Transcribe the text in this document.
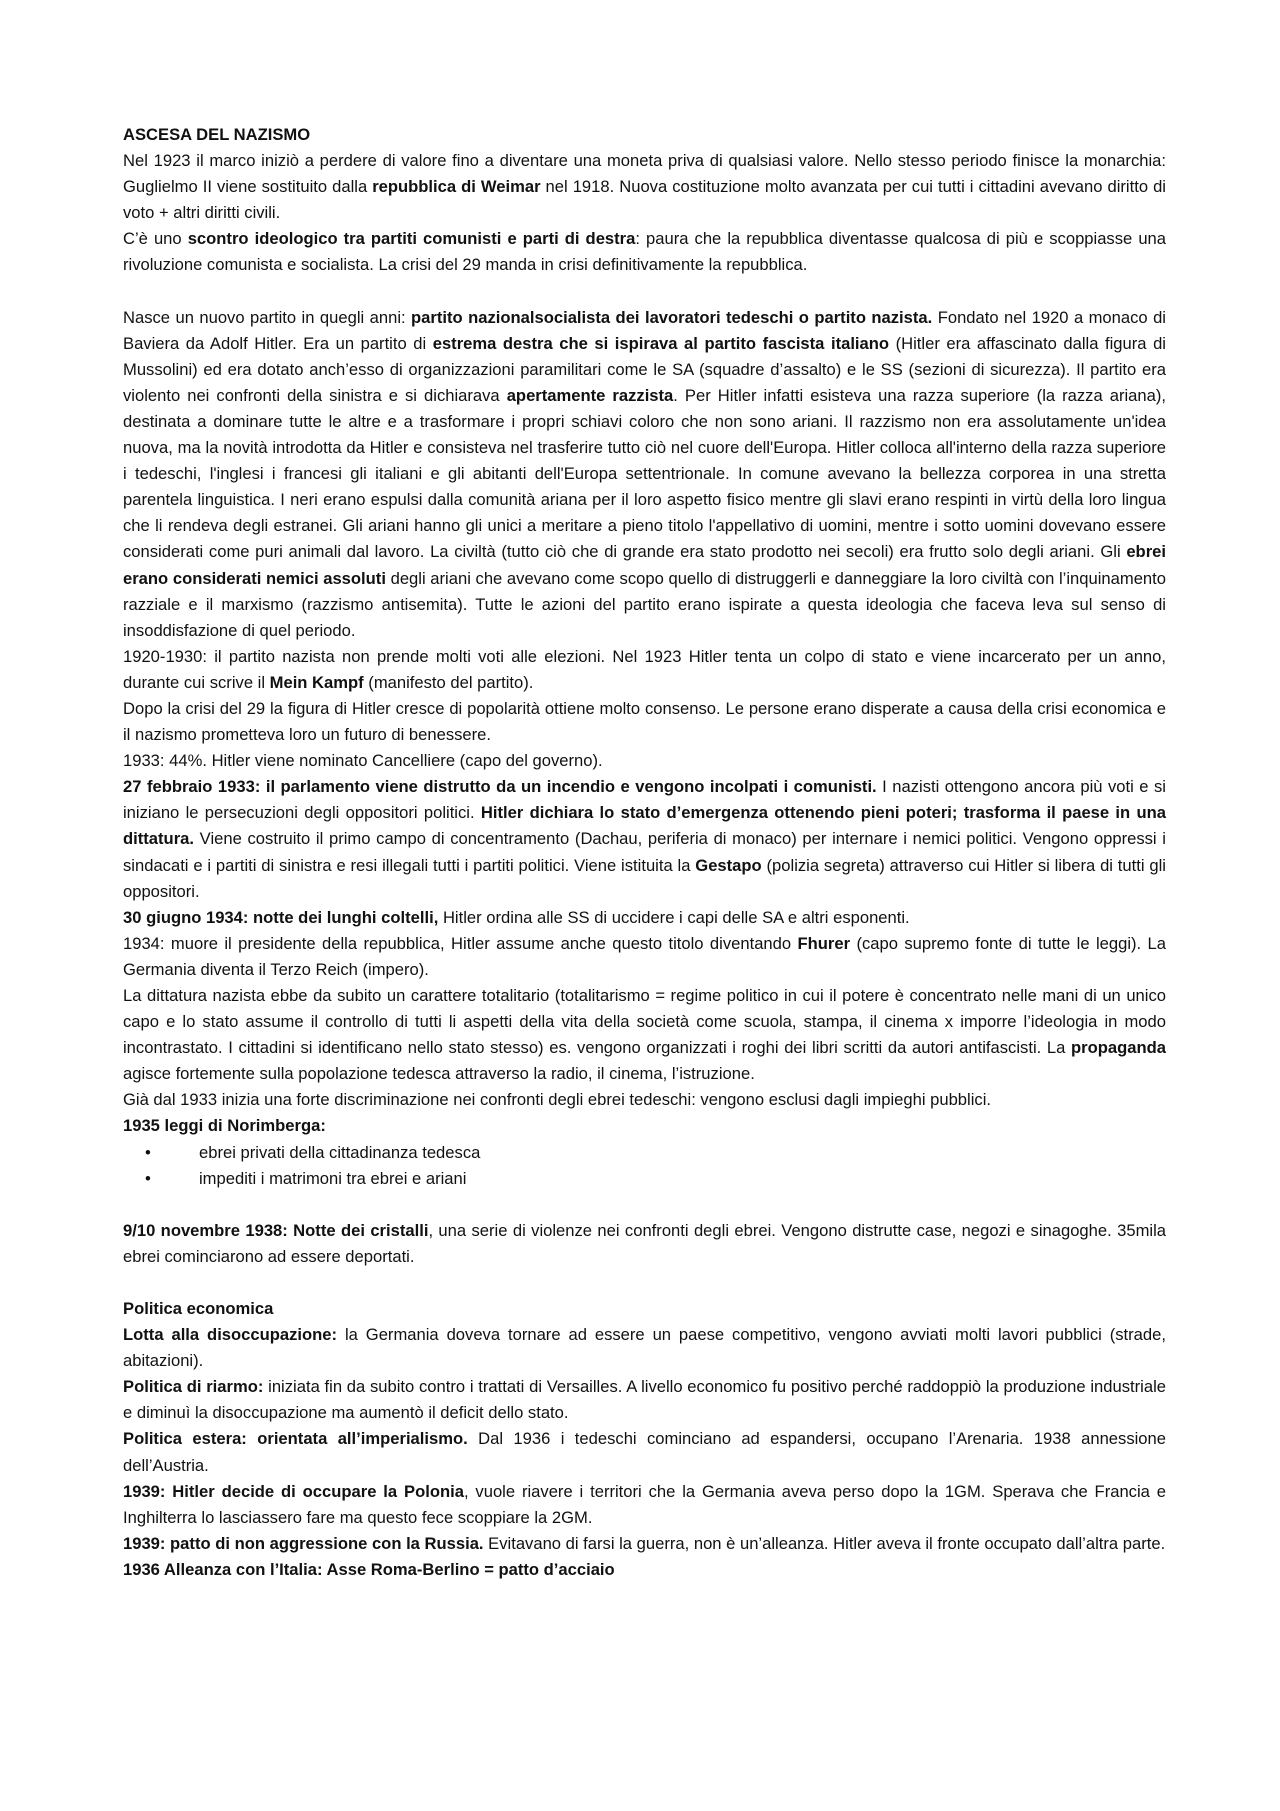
ASCESA DEL NAZISMO

Nel 1923 il marco iniziò a perdere di valore fino a diventare una moneta priva di qualsiasi valore. Nello stesso periodo finisce la monarchia: Guglielmo II viene sostituito dalla repubblica di Weimar nel 1918. Nuova costituzione molto avanzata per cui tutti i cittadini avevano diritto di voto + altri diritti civili.

C’è uno scontro ideologico tra partiti comunisti e parti di destra: paura che la repubblica diventasse qualcosa di più e scoppiasse una rivoluzione comunista e socialista. La crisi del 29 manda in crisi definitivamente la repubblica.

Nasce un nuovo partito in quegli anni: partito nazionalsocialista dei lavoratori tedeschi o partito nazista. Fondato nel 1920 a monaco di Baviera da Adolf Hitler. Era un partito di estrema destra che si ispirava al partito fascista italiano (Hitler era affascinato dalla figura di Mussolini) ed era dotato anch’esso di organizzazioni paramilitari come le SA (squadre d’assalto) e le SS (sezioni di sicurezza). Il partito era violento nei confronti della sinistra e si dichiarava apertamente razzista. Per Hitler infatti esisteva una razza superiore (la razza ariana), destinata a dominare tutte le altre e a trasformare i propri schiavi coloro che non sono ariani. Il razzismo non era assolutamente un'idea nuova, ma la novità introdotta da Hitler e consisteva nel trasferire tutto ciò nel cuore dell'Europa. Hitler colloca all'interno della razza superiore i tedeschi, l'inglesi i francesi gli italiani e gli abitanti dell'Europa settentrionale. In comune avevano la bellezza corporea in una stretta parentela linguistica. I neri erano espulsi dalla comunità ariana per il loro aspetto fisico mentre gli slavi erano respinti in virtù della loro lingua che li rendeva degli estranei. Gli ariani hanno gli unici a meritare a pieno titolo l'appellativo di uomini, mentre i sotto uomini dovevano essere considerati come puri animali dal lavoro. La civiltà (tutto ciò che di grande era stato prodotto nei secoli) era frutto solo degli ariani. Gli ebrei erano considerati nemici assoluti degli ariani che avevano come scopo quello di distruggerli e danneggiare la loro civiltà con l’inquinamento razziale e il marxismo (razzismo antisemita). Tutte le azioni del partito erano ispirate a questa ideologia che faceva leva sul senso di insoddisfazione di quel periodo.

1920-1930: il partito nazista non prende molti voti alle elezioni. Nel 1923 Hitler tenta un colpo di stato e viene incarcerato per un anno, durante cui scrive il Mein Kampf (manifesto del partito).

Dopo la crisi del 29 la figura di Hitler cresce di popolarità ottiene molto consenso. Le persone erano disperate a causa della crisi economica e il nazismo prometteva loro un futuro di benessere.

1933: 44%. Hitler viene nominato Cancelliere (capo del governo).

27 febbraio 1933: il parlamento viene distrutto da un incendio e vengono incolpati i comunisti. I nazisti ottengono ancora più voti e si iniziano le persecuzioni degli oppositori politici. Hitler dichiara lo stato d’emergenza ottenendo pieni poteri; trasforma il paese in una dittatura. Viene costruito il primo campo di concentramento (Dachau, periferia di monaco) per internare i nemici politici. Vengono oppressi i sindacati e i partiti di sinistra e resi illegali tutti i partiti politici. Viene istituita la Gestapo (polizia segreta) attraverso cui Hitler si libera di tutti gli oppositori.

30 giugno 1934: notte dei lunghi coltelli, Hitler ordina alle SS di uccidere i capi delle SA e altri esponenti.

1934: muore il presidente della repubblica, Hitler assume anche questo titolo diventando Fhurer (capo supremo fonte di tutte le leggi). La Germania diventa il Terzo Reich (impero).

La dittatura nazista ebbe da subito un carattere totalitario (totalitarismo = regime politico in cui il potere è concentrato nelle mani di un unico capo e lo stato assume il controllo di tutti li aspetti della vita della società come scuola, stampa, il cinema x imporre l’ideologia in modo incontrastato. I cittadini si identificano nello stato stesso) es. vengono organizzati i roghi dei libri scritti da autori antifascisti. La propaganda agisce fortemente sulla popolazione tedesca attraverso la radio, il cinema, l’istruzione.

Già dal 1933 inizia una forte discriminazione nei confronti degli ebrei tedeschi: vengono esclusi dagli impieghi pubblici.

1935 leggi di Norimberga:

•	ebrei privati della cittadinanza tedesca
•	impediti i matrimoni tra ebrei e ariani

9/10 novembre 1938: Notte dei cristalli, una serie di violenze nei confronti degli ebrei. Vengono distrutte case, negozi e sinagoghe. 35mila ebrei cominciarono ad essere deportati.

Politica economica

Lotta alla disoccupazione: la Germania doveva tornare ad essere un paese competitivo, vengono avviati molti lavori pubblici (strade, abitazioni).

Politica di riarmo: iniziata fin da subito contro i trattati di Versailles. A livello economico fu positivo perché raddoppiò la produzione industriale e diminuì la disoccupazione ma aumentò il deficit dello stato.

Politica estera: orientata all’imperialismo. Dal 1936 i tedeschi cominciano ad espandersi, occupano l’Arenaria. 1938 annessione dell’Austria.

1939: Hitler decide di occupare la Polonia, vuole riavere i territori che la Germania aveva perso dopo la 1GM. Sperava che Francia e Inghilterra lo lasciassero fare ma questo fece scoppiare la 2GM.

1939: patto di non aggressione con la Russia. Evitavano di farsi la guerra, non è un’alleanza. Hitler aveva il fronte occupato dall’altra parte.

1936 Alleanza con l’Italia: Asse Roma-Berlino = patto d’acciaio
